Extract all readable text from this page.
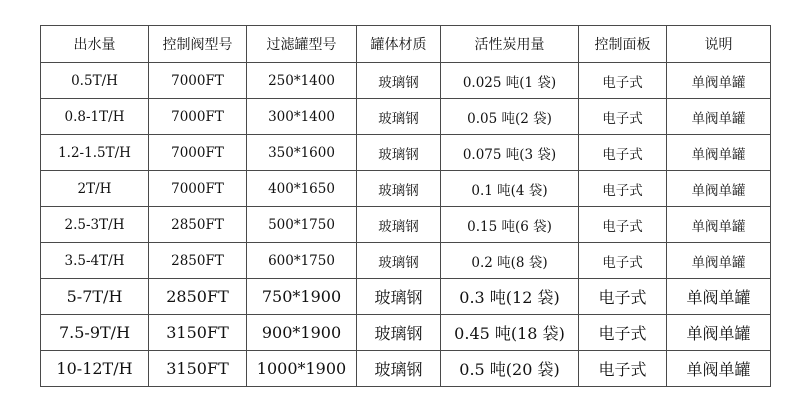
出水量	控制阀型号	过滤罐型号	罐体材质	活性炭用量	控制面板	说明
0.5T/H	7000FT	250*1400	玻璃钢	0.025 吨(1 袋)	电子式	单阀单罐
0.8-1T/H	7000FT	300*1400	玻璃钢	0.05 吨(2 袋)	电子式	单阀单罐
1.2-1.5T/H	7000FT	350*1600	玻璃钢	0.075 吨(3 袋)	电子式	单阀单罐
2T/H	7000FT	400*1650	玻璃钢	0.1 吨(4 袋)	电子式	单阀单罐
2.5-3T/H	2850FT	500*1750	玻璃钢	0.15 吨(6 袋)	电子式	单阀单罐
3.5-4T/H	2850FT	600*1750	玻璃钢	0.2 吨(8 袋)	电子式	单阀单罐
5-7T/H	2850FT	750*1900	玻璃钢	0.3 吨(12 袋)	电子式	单阀单罐
7.5-9T/H	3150FT	900*1900	玻璃钢	0.45 吨(18 袋)	电子式	单阀单罐
10-12T/H	3150FT	1000*1900	玻璃钢	0.5 吨(20 袋)	电子式	单阀单罐
